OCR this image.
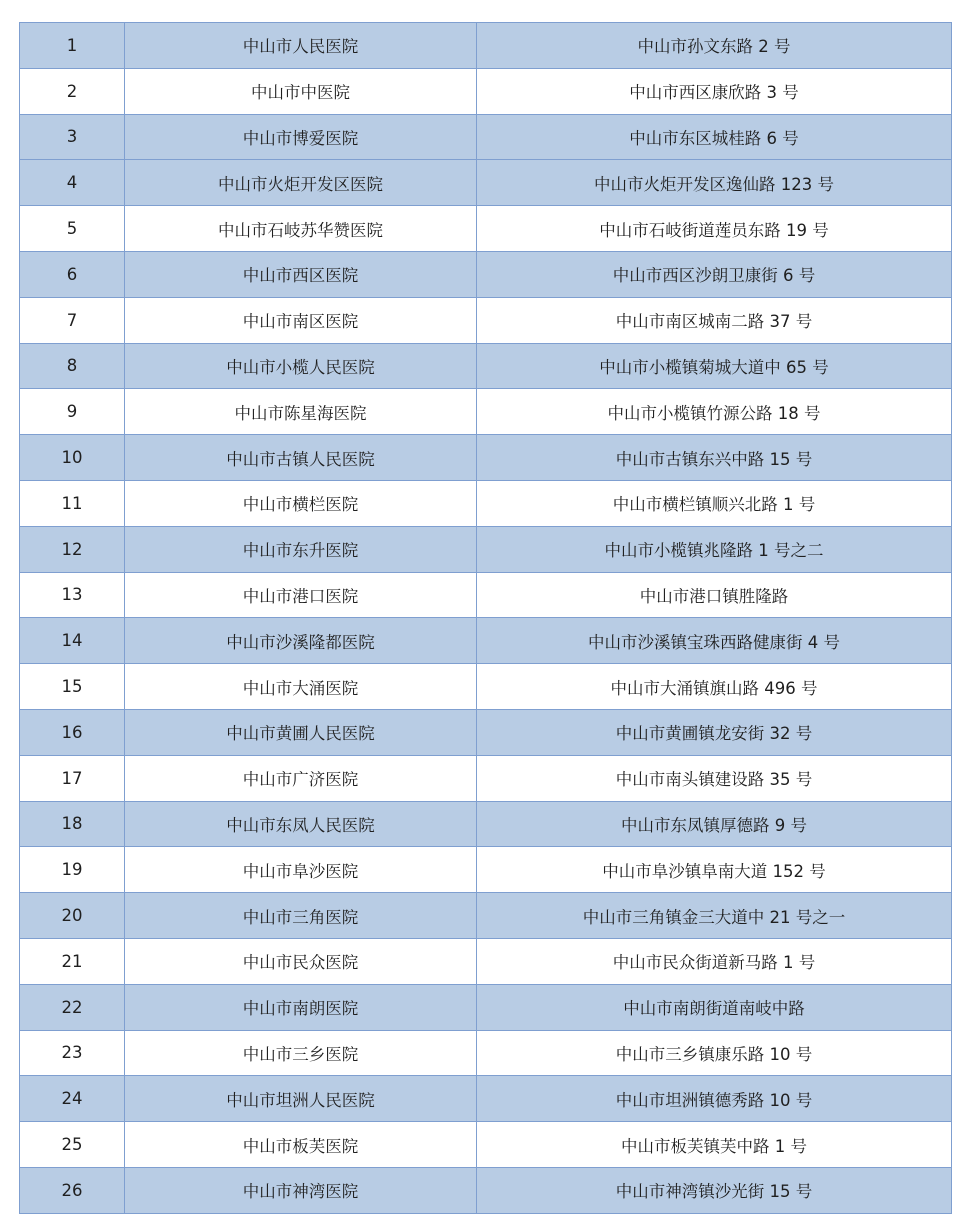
1	中山市人民医院	中山市孙文东路 2 号
2	中山市中医院	中山市西区康欣路 3 号
3	中山市博爱医院	中山市东区城桂路 6 号
4	中山市火炬开发区医院	中山市火炬开发区逸仙路 123 号
5	中山市石岐苏华赞医院	中山市石岐街道莲员东路 19 号
6	中山市西区医院	中山市西区沙朗卫康街 6 号
7	中山市南区医院	中山市南区城南二路 37 号
8	中山市小榄人民医院	中山市小榄镇菊城大道中 65 号
9	中山市陈星海医院	中山市小榄镇竹源公路 18 号
10	中山市古镇人民医院	中山市古镇东兴中路 15 号
11	中山市横栏医院	中山市横栏镇顺兴北路 1 号
12	中山市东升医院	中山市小榄镇兆隆路 1 号之二
13	中山市港口医院	中山市港口镇胜隆路
14	中山市沙溪隆都医院	中山市沙溪镇宝珠西路健康街 4 号
15	中山市大涌医院	中山市大涌镇旗山路 496 号
16	中山市黄圃人民医院	中山市黄圃镇龙安街 32 号
17	中山市广济医院	中山市南头镇建设路 35 号
18	中山市东凤人民医院	中山市东凤镇厚德路 9 号
19	中山市阜沙医院	中山市阜沙镇阜南大道 152 号
20	中山市三角医院	中山市三角镇金三大道中 21 号之一
21	中山市民众医院	中山市民众街道新马路 1 号
22	中山市南朗医院	中山市南朗街道南岐中路
23	中山市三乡医院	中山市三乡镇康乐路 10 号
24	中山市坦洲人民医院	中山市坦洲镇德秀路 10 号
25	中山市板芙医院	中山市板芙镇芙中路 1 号
26	中山市神湾医院	中山市神湾镇沙光街 15 号
